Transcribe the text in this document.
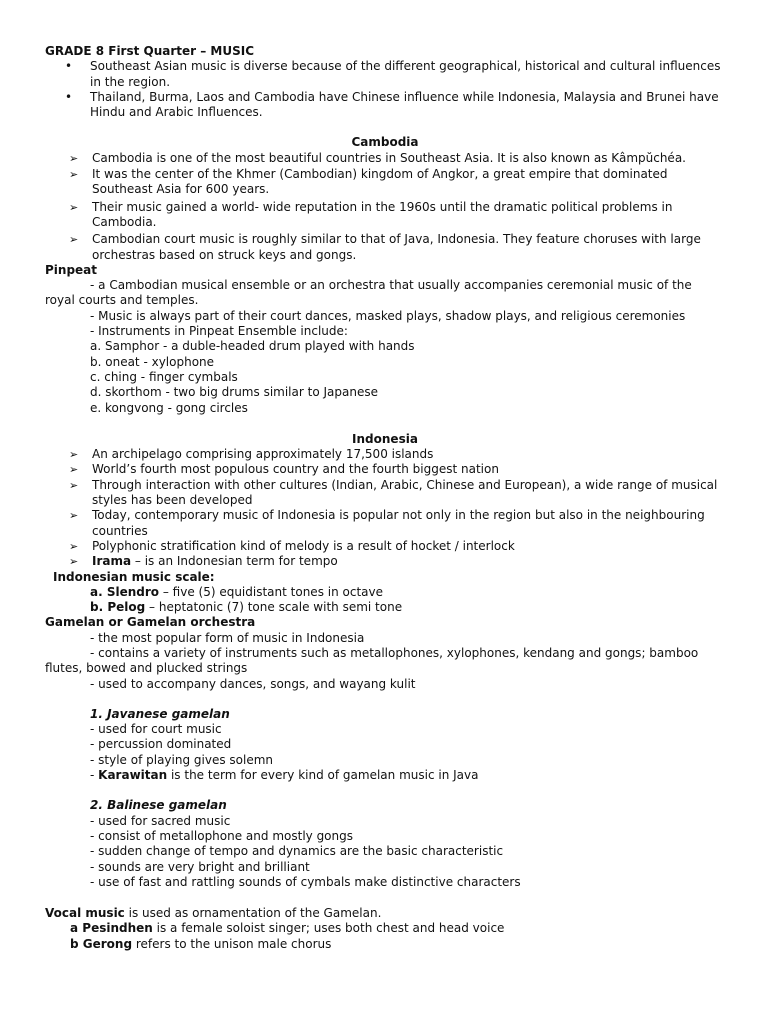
GRADE 8 First Quarter – MUSIC
• Southeast Asian music is diverse because of the different geographical, historical and cultural influences in the region.
• Thailand, Burma, Laos and Cambodia have Chinese influence while Indonesia, Malaysia and Brunei have Hindu and Arabic Influences.
Cambodia
➢ Cambodia is one of the most beautiful countries in Southeast Asia. It is also known as Kâmpŭchéa.
➢ It was the center of the Khmer (Cambodian) kingdom of Angkor, a great empire that dominated Southeast Asia for 600 years.
➢ Their music gained a world- wide reputation in the 1960s until the dramatic political problems in Cambodia.
➢ Cambodian court music is roughly similar to that of Java, Indonesia. They feature choruses with large orchestras based on struck keys and gongs.
Pinpeat
- a Cambodian musical ensemble or an orchestra that usually accompanies ceremonial music of the royal courts and temples.
- Music is always part of their court dances, masked plays, shadow plays, and religious ceremonies
- Instruments in Pinpeat Ensemble include:
a. Samphor - a duble-headed drum played with hands
b. oneat - xylophone
c. ching - finger cymbals
d. skorthom - two big drums similar to Japanese
e. kongvong - gong circles
Indonesia
➢ An archipelago comprising approximately 17,500 islands
➢ World’s fourth most populous country and the fourth biggest nation
➢ Through interaction with other cultures (Indian, Arabic, Chinese and European), a wide range of musical styles has been developed
➢ Today, contemporary music of Indonesia is popular not only in the region but also in the neighbouring countries
➢ Polyphonic stratification kind of melody is a result of hocket / interlock
➢ Irama – is an Indonesian term for tempo
Indonesian music scale:
a. Slendro – five (5) equidistant tones in octave
b. Pelog – heptatonic (7) tone scale with semi tone
Gamelan or Gamelan orchestra
- the most popular form of music in Indonesia
- contains a variety of instruments such as metallophones, xylophones, kendang and gongs; bamboo flutes, bowed and plucked strings
- used to accompany dances, songs, and wayang kulit
1. Javanese gamelan
- used for court music
- percussion dominated
- style of playing gives solemn
- Karawitan is the term for every kind of gamelan music in Java
2. Balinese gamelan
- used for sacred music
- consist of metallophone and mostly gongs
- sudden change of tempo and dynamics are the basic characteristic
- sounds are very bright and brilliant
- use of fast and rattling sounds of cymbals make distinctive characters
Vocal music is used as ornamentation of the Gamelan.
a Pesindhen is a female soloist singer; uses both chest and head voice
b Gerong refers to the unison male chorus
